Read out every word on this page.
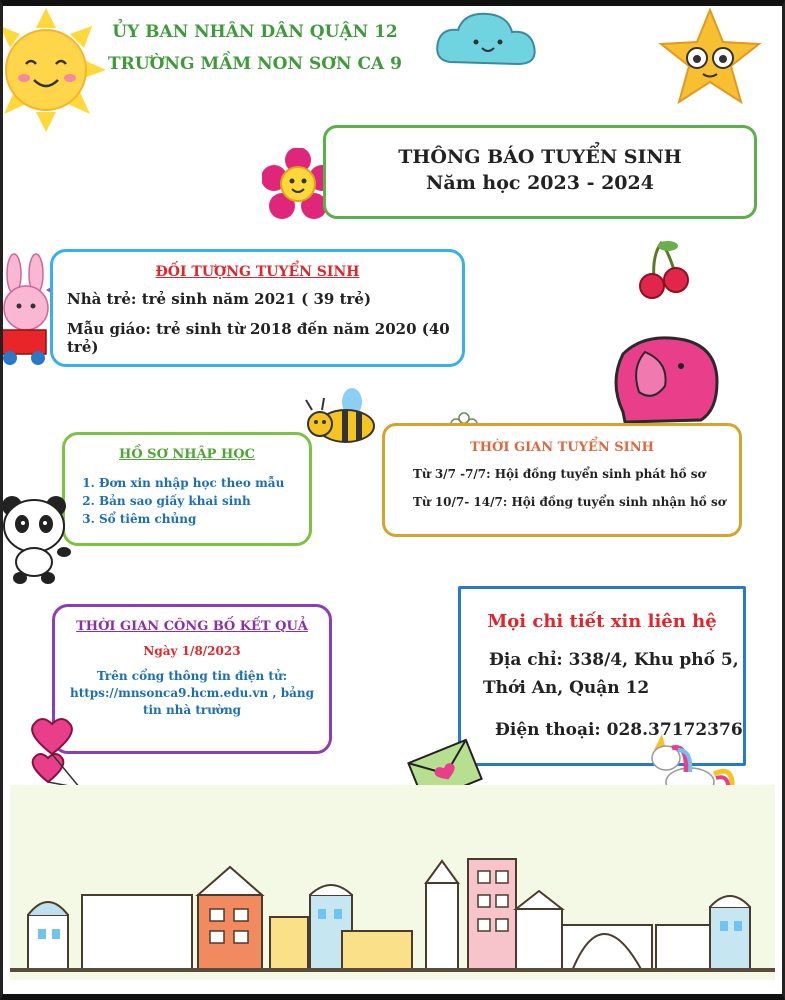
ỦY BAN NHÂN DÂN QUẬN 12
TRƯỜNG MẦM NON SƠN CA 9
THÔNG BÁO TUYỂN SINH
Năm học 2023 - 2024
ĐỐI TƯỢNG TUYỂN SINH
Nhà trẻ: trẻ sinh năm 2021 ( 39 trẻ)
Mẫu giáo: trẻ sinh từ 2018 đến năm 2020 (40 trẻ)
HỒ SƠ NHẬP HỌC
1. Đơn xin nhập học theo mẫu
2. Bản sao giấy khai sinh
3. Sổ tiêm chủng
THỜI GIAN TUYỂN SINH
Từ 3/7 -7/7: Hội đồng tuyển sinh phát hồ sơ
Từ 10/7- 14/7: Hội đồng tuyển sinh nhận hồ sơ
THỜI GIAN CÔNG BỐ KẾT QUẢ
Ngày 1/8/2023
Trên cổng thông tin điện tử: https://mnsonca9.hcm.edu.vn , bảng tin nhà trường
Mọi chi tiết xin liên hệ
Địa chỉ: 338/4, Khu phố 5,
Thới An, Quận 12
Điện thoại: 028.37172376
